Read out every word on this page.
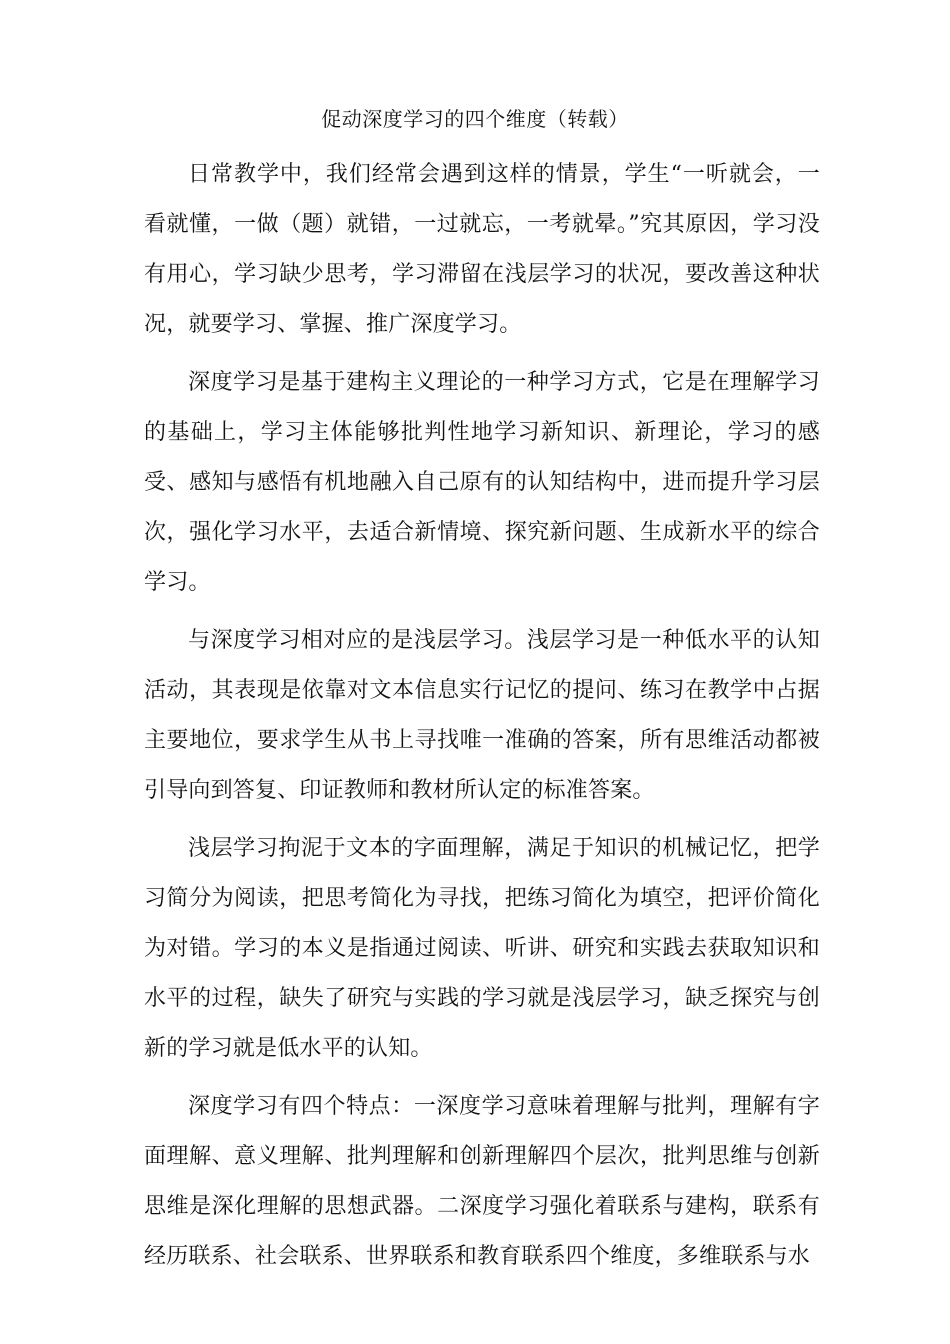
促动深度学习的四个维度（转载）

日常教学中，我们经常会遇到这样的情景，学生“一听就会，一看就懂，一做（题）就错，一过就忘，一考就晕。”究其原因，学习没有用心，学习缺少思考，学习滞留在浅层学习的状况，要改善这种状况，就要学习、掌握、推广深度学习。

深度学习是基于建构主义理论的一种学习方式，它是在理解学习的基础上，学习主体能够批判性地学习新知识、新理论，学习的感受、感知与感悟有机地融入自己原有的认知结构中，进而提升学习层次，强化学习水平，去适合新情境、探究新问题、生成新水平的综合学习。

与深度学习相对应的是浅层学习。浅层学习是一种低水平的认知活动，其表现是依靠对文本信息实行记忆的提问、练习在教学中占据主要地位，要求学生从书上寻找唯一准确的答案，所有思维活动都被引导向到答复、印证教师和教材所认定的标准答案。

浅层学习拘泥于文本的字面理解，满足于知识的机械记忆，把学习简分为阅读，把思考简化为寻找，把练习简化为填空，把评价简化为对错。学习的本义是指通过阅读、听讲、研究和实践去获取知识和水平的过程，缺失了研究与实践的学习就是浅层学习，缺乏探究与创新的学习就是低水平的认知。

深度学习有四个特点：一深度学习意味着理解与批判，理解有字面理解、意义理解、批判理解和创新理解四个层次，批判思维与创新思维是深化理解的思想武器。二深度学习强化着联系与建构，联系有经历联系、社会联系、世界联系和教育联系四个维度，多维联系与水
